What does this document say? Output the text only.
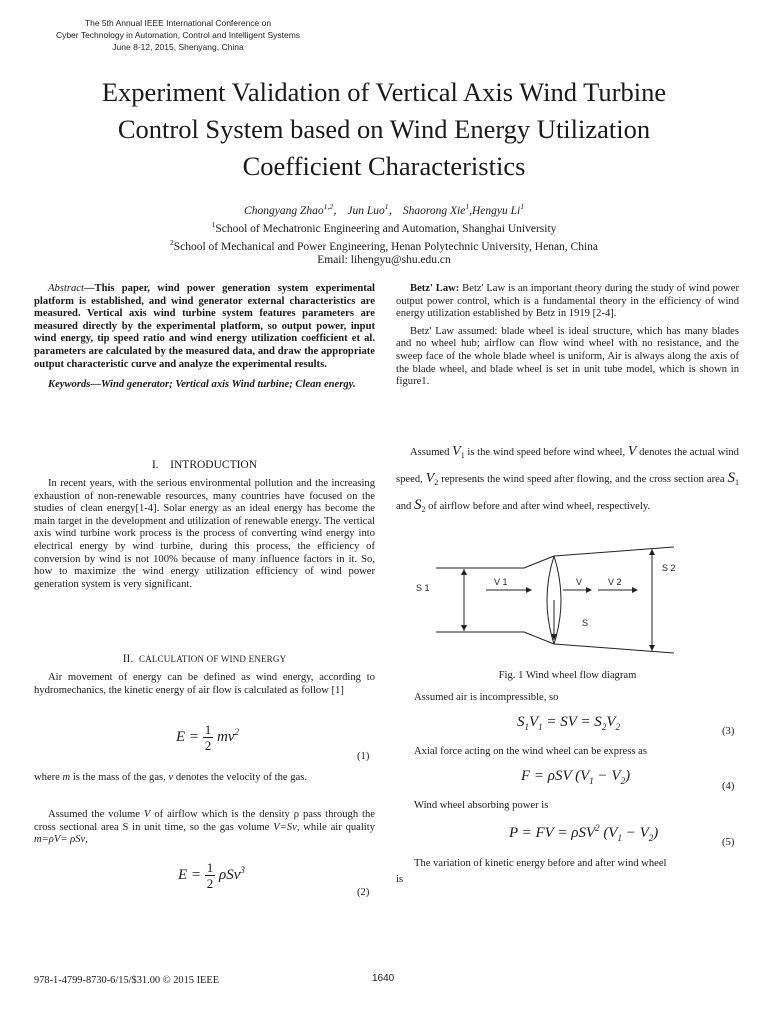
The 5th Annual IEEE International Conference on
Cyber Technology in Automation, Control and Intelligent Systems
June 8-12, 2015, Shenyang, China
Experiment Validation of Vertical Axis Wind Turbine
Control System based on Wind Energy Utilization
Coefficient Characteristics
Chongyang Zhao$^{1,2}$， Jun Luo$^1$， Shaorong Xie$^1$,Hengyu Li$^1$
$^1$School of Mechatronic Engineering and Automation, Shanghai University
$^2$School of Mechanical and Power Engineering, Henan Polytechnic University, Henan, China
Email: lihengyu@shu.edu.cn

Abstract—This paper, wind power generation system experimental platform is established, and wind generator external characteristics are measured. Vertical axis wind turbine system features parameters are measured directly by the experimental platform, so output power, input wind energy, tip speed ratio and wind energy utilization coefficient et al. parameters are calculated by the measured data, and draw the appropriate output characteristic curve and analyze the experimental results.

Keywords—Wind generator; Vertical axis Wind turbine; Clean energy.

I. INTRODUCTION

In recent years, with the serious environmental pollution and the increasing exhaustion of non-renewable resources, many countries have focused on the studies of clean energy[1-4]. Solar energy as an ideal energy has become the main target in the development and utilization of renewable energy. The vertical axis wind turbine work process is the process of converting wind energy into electrical energy by wind turbine, during this process, the efficiency of conversion by wind is not 100% because of many influence factors in it. So, how to maximize the wind energy utilization efficiency of wind power generation system is very significant.

II. CALCULATION OF WIND ENERGY

Air movement of energy can be defined as wind energy, according to hydromechanics, the kinetic energy of air flow is calculated as follow [1]

$E = \frac{1}{2} mv^2$
(1)

where m is the mass of the gas, v denotes the velocity of the gas.

Assumed the volume V of airflow which is the density ρ pass through the cross sectional area S in unit time, so the gas volume V=Sv, while air quality m=ρV= ρSv,

$E = \frac{1}{2} \rho Sv^3$
(2)

Betz' Law: Betz' Law is an important theory during the study of wind power output power control, which is a fundamental theory in the efficiency of wind energy utilization established by Betz in 1919 [2-4].

Betz' Law assumed: blade wheel is ideal structure, which has many blades and no wheel hub; airflow can flow wind wheel with no resistance, and the sweep face of the whole blade wheel is uniform, Air is always along the axis of the blade wheel, and blade wheel is set in unit tube model, which is shown in figure1.

Assumed $V_1$ is the wind speed before wind wheel, V denotes the actual wind speed, $V_2$ represents the wind speed after flowing, and the cross section area $S_1$ and $S_2$ of airflow before and after wind wheel, respectively.

S 1
V 1	V	V 2
S
S 2
Fig. 1 Wind wheel flow diagram
Assumed air is incompressible, so
$S_1V_1$ = SV = $S_2V_2$	(3)
Axial force acting on the wind wheel can be express as
F = ρSV $(V_1 - V_2)$
(4)
Wind wheel absorbing power is
P = FV = ρSV$^2$ $(V_1 - V_2)$
(5)
The variation of kinetic energy before and after wind wheel
is
978-1-4799-8730-6/15/$31.00 © 2015 IEEE	1640
